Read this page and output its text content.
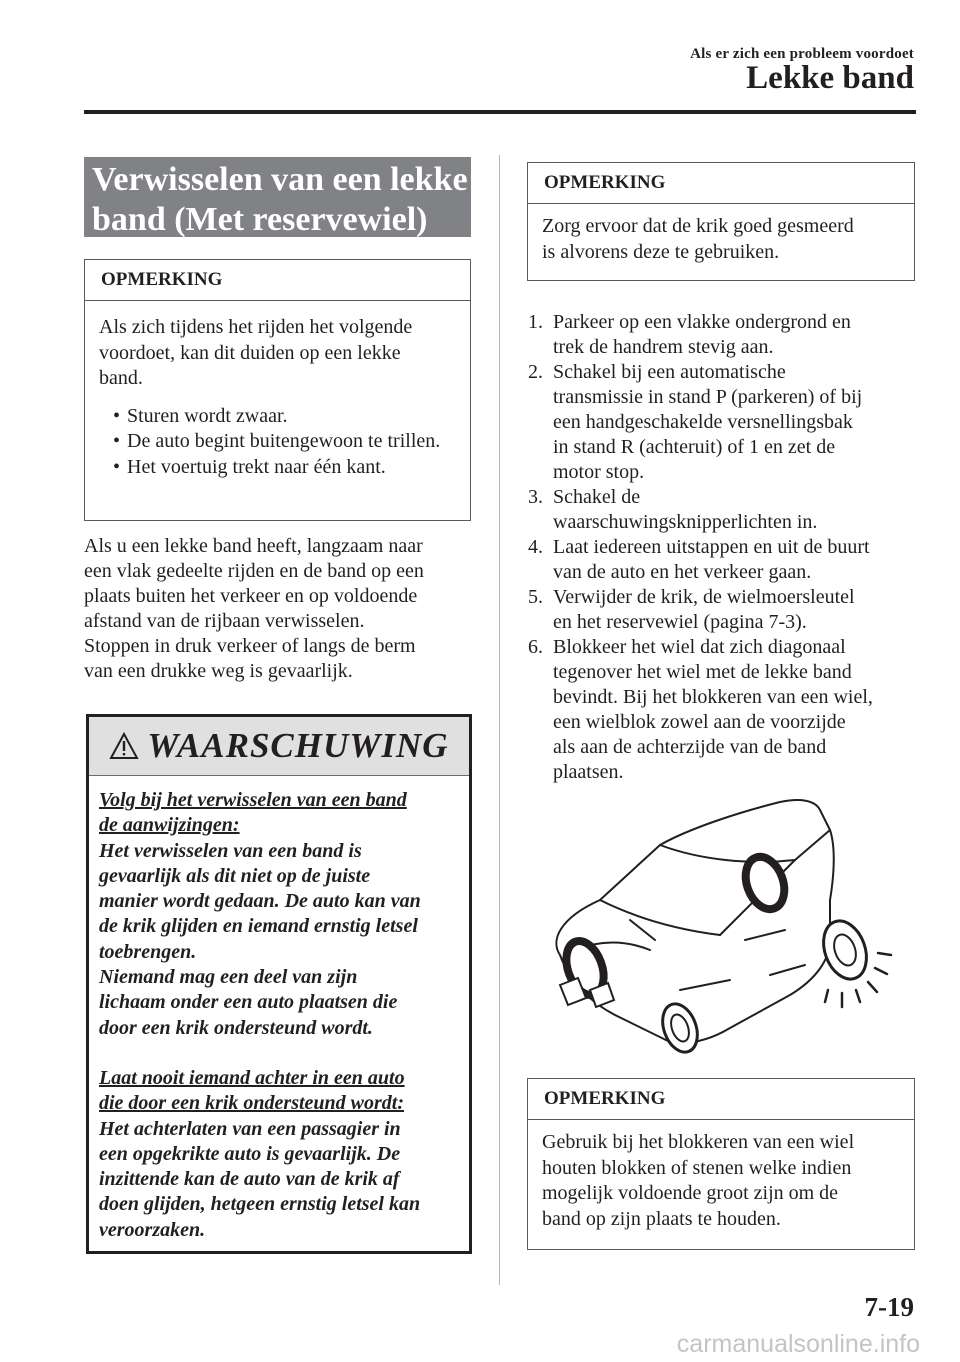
Als er zich een probleem voordoet
Lekke band
Verwisselen van een lekke
band (Met reservewiel)
OPMERKING
Als zich tijdens het rijden het volgende
voordoet, kan dit duiden op een lekke
band.
• Sturen wordt zwaar.
• De auto begint buitengewoon te trillen.
• Het voertuig trekt naar één kant.
Als u een lekke band heeft, langzaam naar
een vlak gedeelte rijden en de band op een
plaats buiten het verkeer en op voldoende
afstand van de rijbaan verwisselen.
Stoppen in druk verkeer of langs de berm
van een drukke weg is gevaarlijk.
WAARSCHUWING
Volg bij het verwisselen van een band
de aanwijzingen:
Het verwisselen van een band is
gevaarlijk als dit niet op de juiste
manier wordt gedaan. De auto kan van
de krik glijden en iemand ernstig letsel
toebrengen.
Niemand mag een deel van zijn
lichaam onder een auto plaatsen die
door een krik ondersteund wordt.
Laat nooit iemand achter in een auto
die door een krik ondersteund wordt:
Het achterlaten van een passagier in
een opgekrikte auto is gevaarlijk. De
inzittende kan de auto van de krik af
doen glijden, hetgeen ernstig letsel kan
veroorzaken.
OPMERKING
Zorg ervoor dat de krik goed gesmeerd
is alvorens deze te gebruiken.
1. Parkeer op een vlakke ondergrond en
trek de handrem stevig aan.
2. Schakel bij een automatische
transmissie in stand P (parkeren) of bij
een handgeschakelde versnellingsbak
in stand R (achteruit) of 1 en zet de
motor stop.
3. Schakel de
waarschuwingsknipperlichten in.
4. Laat iedereen uitstappen en uit de buurt
van de auto en het verkeer gaan.
5. Verwijder de krik, de wielmoersleutel
en het reservewiel (pagina 7-3).
6. Blokkeer het wiel dat zich diagonaal
tegenover het wiel met de lekke band
bevindt. Bij het blokkeren van een wiel,
een wielblok zowel aan de voorzijde
als aan de achterzijde van de band
plaatsen.
OPMERKING
Gebruik bij het blokkeren van een wiel
houten blokken of stenen welke indien
mogelijk voldoende groot zijn om de
band op zijn plaats te houden.
7-19
carmanualsonline.info
